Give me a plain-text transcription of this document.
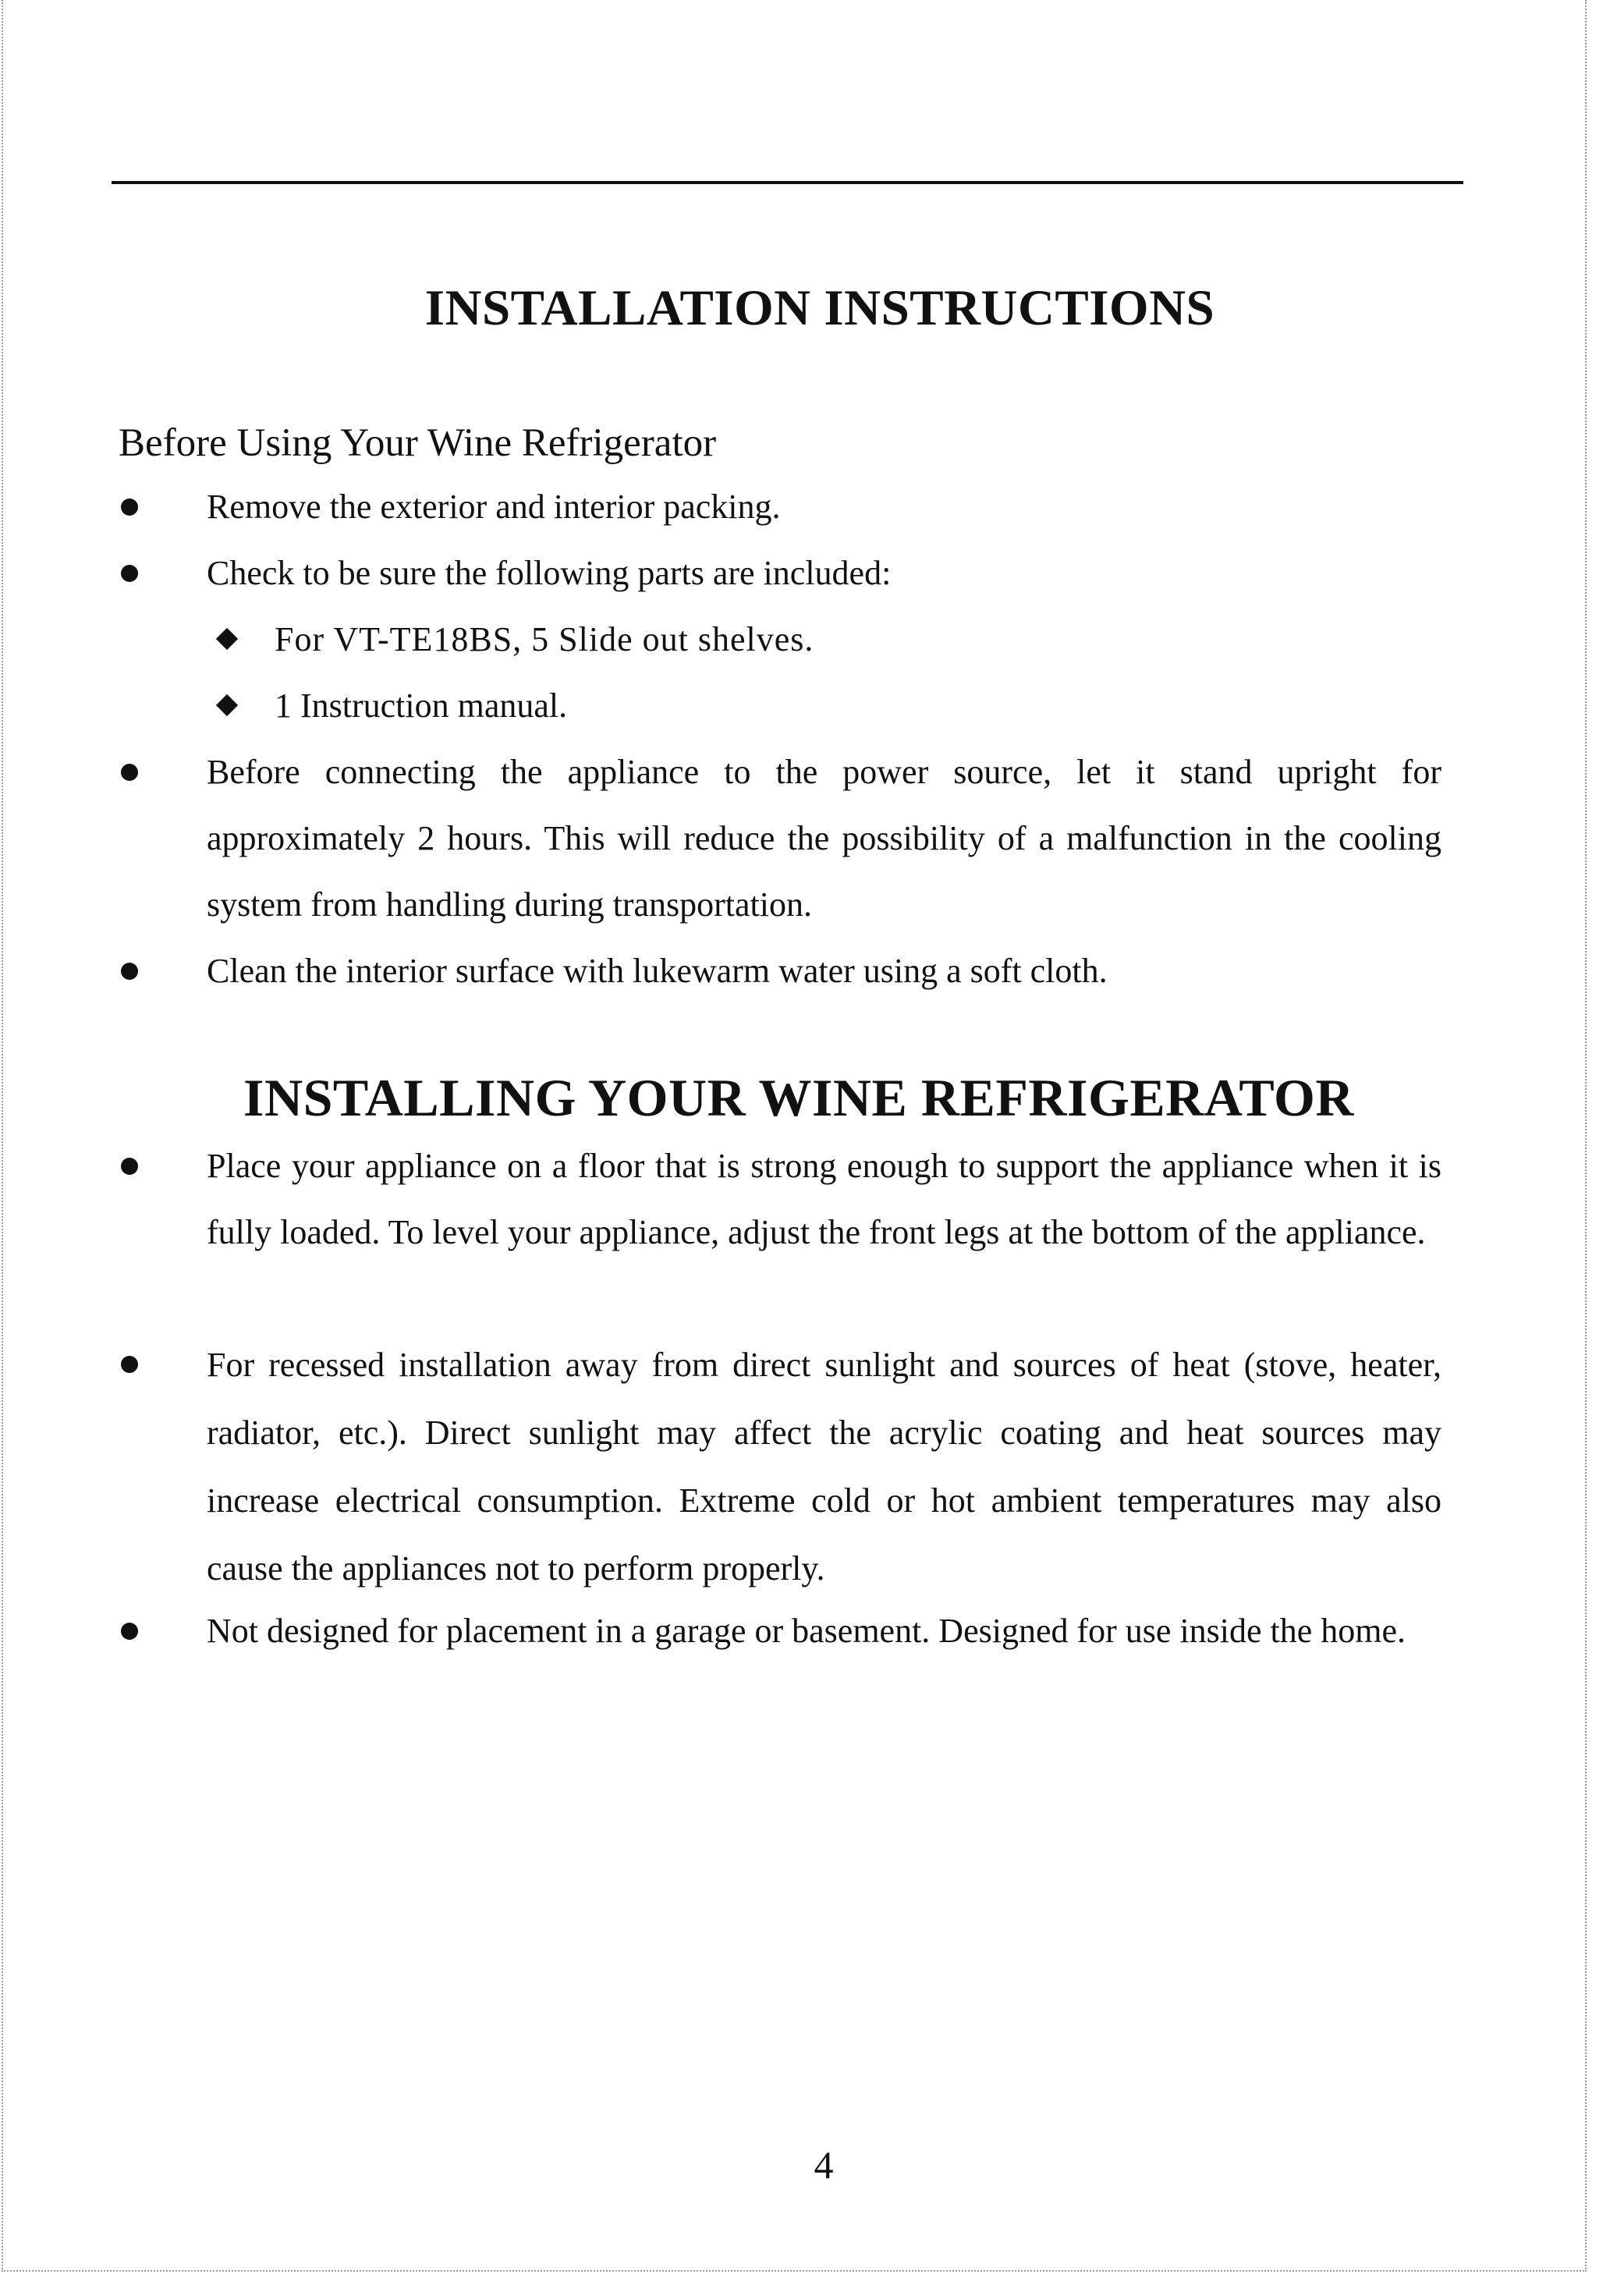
INSTALLATION INSTRUCTIONS

Before Using Your Wine Refrigerator

Remove the exterior and interior packing.
Check to be sure the following parts are included:
For VT-TE18BS, 5 Slide out shelves.
1 Instruction manual.
Before connecting the appliance to the power source, let it stand upright for approximately 2 hours. This will reduce the possibility of a malfunction in the cooling system from handling during transportation.
Clean the interior surface with lukewarm water using a soft cloth.
INSTALLING YOUR WINE REFRIGERATOR
Place your appliance on a floor that is strong enough to support the appliance when it is fully loaded. To level your appliance, adjust the front legs at the bottom of the appliance.
For recessed installation away from direct sunlight and sources of heat (stove, heater, radiator, etc.). Direct sunlight may affect the acrylic coating and heat sources may increase electrical consumption. Extreme cold or hot ambient temperatures may also cause the appliances not to perform properly.
Not designed for placement in a garage or basement. Designed for use inside the home.
4
